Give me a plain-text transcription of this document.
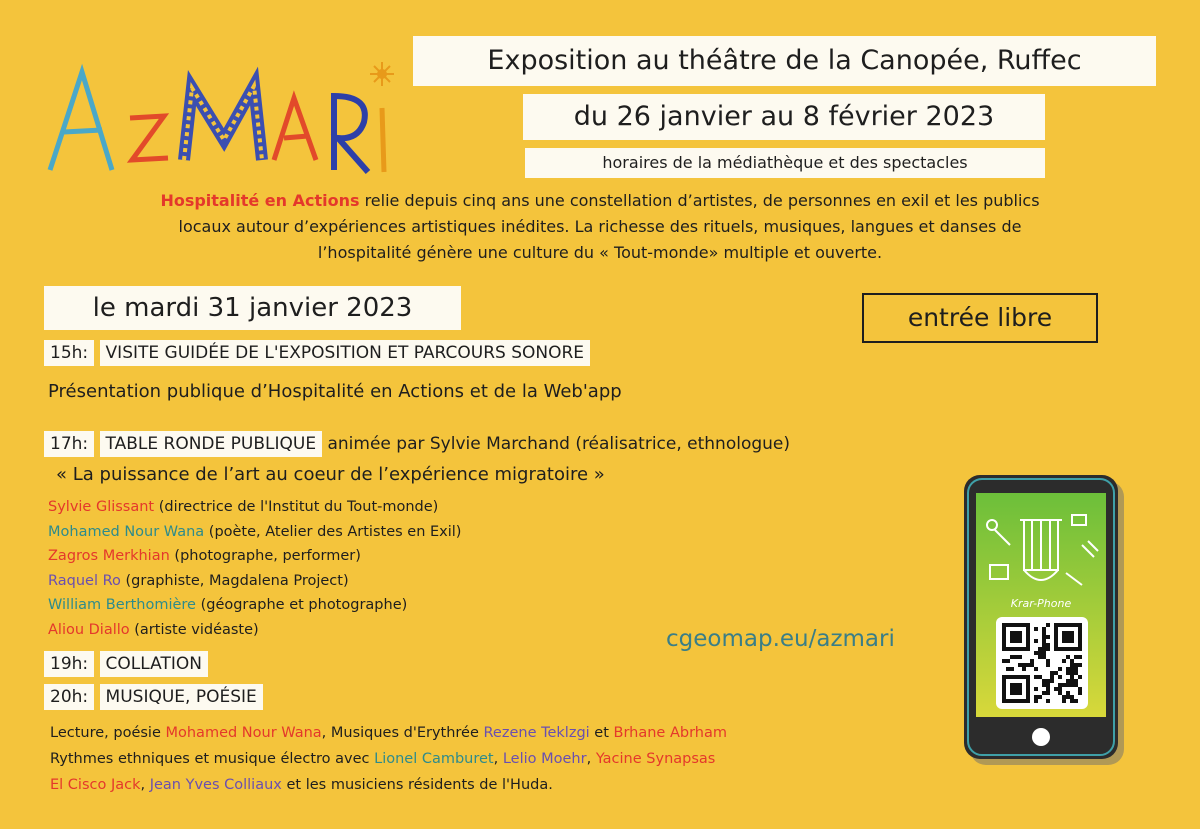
Exposition au théâtre de la Canopée, Ruffec
du 26 janvier au 8 février 2023
horaires de la médiathèque et des spectacles
Hospitalité en Actions relie depuis cinq ans une constellation d’artistes, de personnes en exil et les publics
locaux autour d’expériences artistiques inédites. La richesse des rituels, musiques, langues et danses de
l’hospitalité génère une culture du « Tout-monde» multiple et ouverte.
le mardi 31 janvier 2023	entrée libre
15h: VISITE GUIDÉE DE L'EXPOSITION ET PARCOURS SONORE
Présentation publique d’Hospitalité en Actions et de la Web'app
17h: TABLE RONDE PUBLIQUE animée par Sylvie Marchand (réalisatrice, ethnologue)
« La puissance de l’art au coeur de l’expérience migratoire »
Sylvie Glissant (directrice de l'Institut du Tout-monde)
Mohamed Nour Wana (poète, Atelier des Artistes en Exil)
Zagros Merkhian (photographe, performer)
Raquel Ro (graphiste, Magdalena Project)
William Berthomière (géographe et photographe)
Aliou Diallo (artiste vidéaste)
19h: COLLATION
20h: MUSIQUE, POÉSIE
Lecture, poésie Mohamed Nour Wana, Musiques d'Erythrée Rezene Teklzgi et Brhane Abrham
Rythmes ethniques et musique électro avec Lionel Camburet, Lelio Moehr, Yacine Synapsas
El Cisco Jack, Jean Yves Colliaux et les musiciens résidents de l'Huda.
cgeomap.eu/azmari
Krar-Phone
